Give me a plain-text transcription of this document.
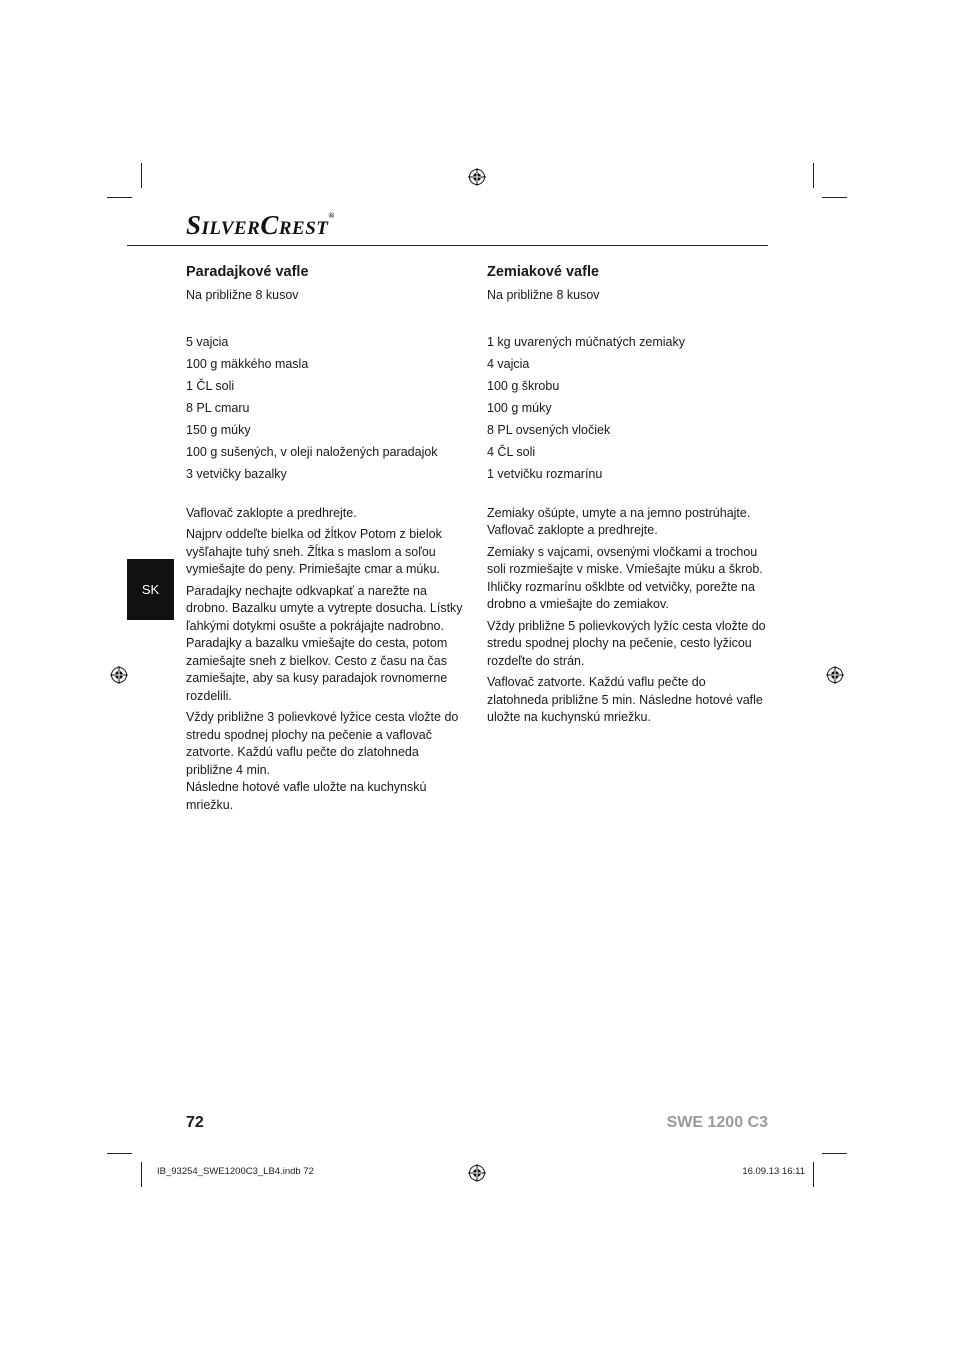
SILVERCREST®
SK
Paradajkové vafle

Na približne 8 kusov

5 vajcia

100 g mäkkého masla

1 ČL soli

8 PL cmaru

150 g múky

100 g sušených, v oleji naložených paradajok

3 vetvičky bazalky

Vaflovač zaklopte a predhrejte.

Najprv oddeľte bielka od žĺtkov Potom z bielok vyšľahajte tuhý sneh. Žĺtka s maslom a soľou vymiešajte do peny. Primiešajte cmar a múku.

Paradajky nechajte odkvapkať a narežte na drobno. Bazalku umyte a vytrepte dosucha. Lístky ľahkými dotykmi osušte a pokrájajte nadrobno. Paradajky a bazalku vmiešajte do cesta, potom zamiešajte sneh z bielkov. Cesto z času na čas zamiešajte, aby sa kusy paradajok rovnomerne rozdelili.

Vždy približne 3 polievkové lyžice cesta vložte do stredu spodnej plochy na pečenie a vaflovač zatvorte. Každú vaflu pečte do zlatohneda približne 4 min.

Následne hotové vafle uložte na kuchynskú mriežku.

Zemiakové vafle

Na približne 8 kusov

1 kg uvarených múčnatých zemiaky

4 vajcia

100 g škrobu

100 g múky

8 PL ovsených vločiek

4 ČL soli

1 vetvičku rozmarínu

Zemiaky ošúpte, umyte a na jemno postrúhajte. Vaflovač zaklopte a predhrejte.

Zemiaky s vajcami, ovsenými vločkami a trochou soli rozmiešajte v miske. Vmiešajte múku a škrob. Ihličky rozmarínu ošklbte od vetvičky, porežte na drobno a vmiešajte do zemiakov.

Vždy približne 5 polievkových lyžíc cesta vložte do stredu spodnej plochy na pečenie, cesto lyžicou rozdeľte do strán.

Vaflovač zatvorte. Každú vaflu pečte do zlatohneda približne 5 min. Následne hotové vafle uložte na kuchynskú mriežku.

72	SWE 1200 C3
IB_93254_SWE1200C3_LB4.indb 72	16.09.13 16:11
